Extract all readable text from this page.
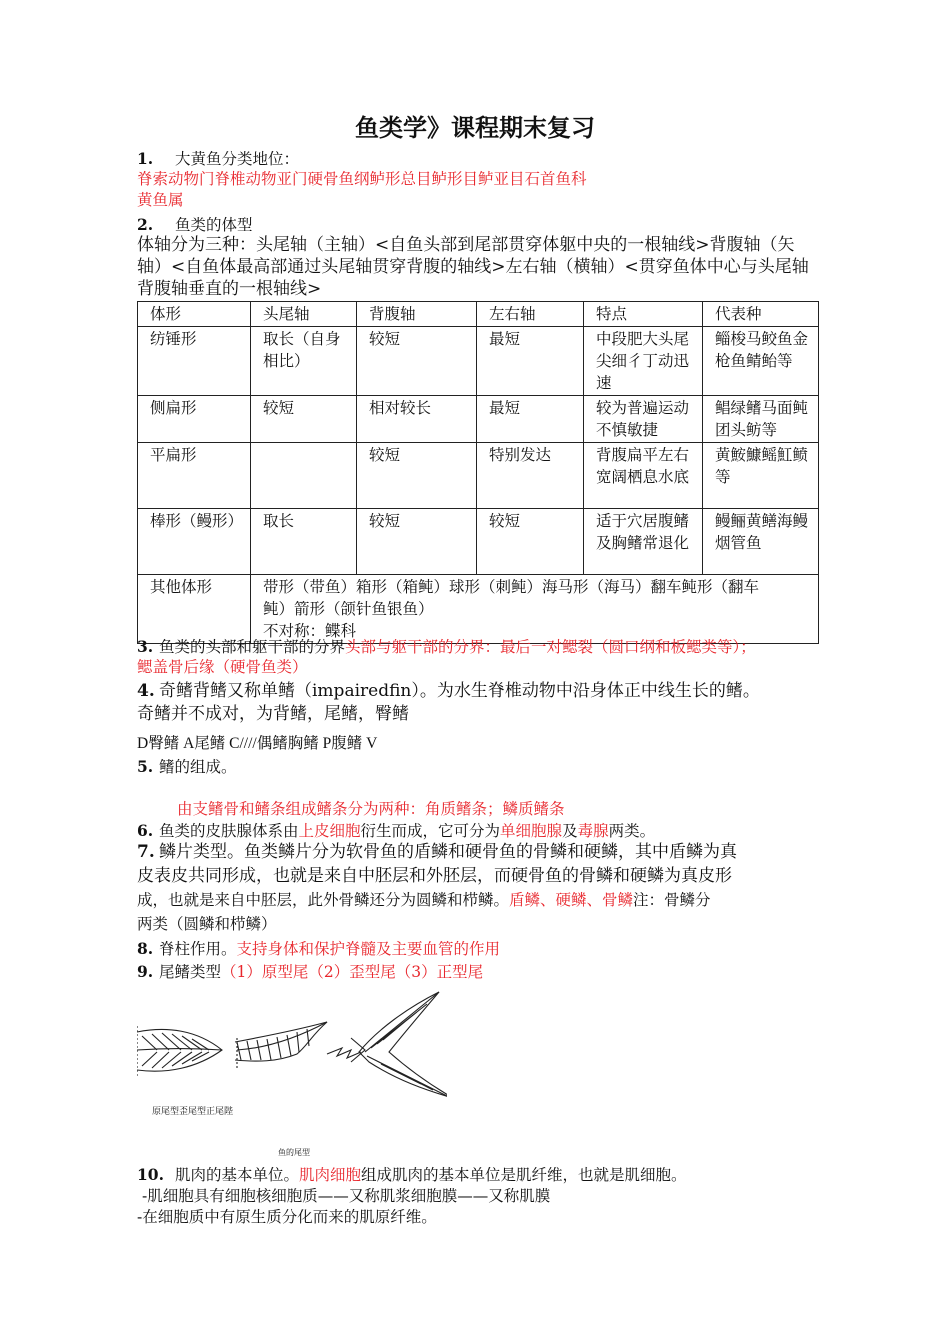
鱼类学》课程期末复习
1. 大黄鱼分类地位：
脊索动物门脊椎动物亚门硬骨鱼纲鲈形总目鲈形目鲈亚目石首鱼科
黄鱼属
2. 鱼类的体型
体轴分为三种：头尾轴（主轴）<自鱼头部到尾部贯穿体躯中央的一根轴线>背腹轴（矢
轴）<自鱼体最高部通过头尾轴贯穿背腹的轴线>左右轴（横轴）<贯穿鱼体中心与头尾轴
背腹轴垂直的一根轴线>
体形	头尾轴	背腹轴	左右轴	特点	代表种
纺锤形	取长（自身相比）	较短	最短	中段肥大头尾尖细彳丁动迅速	鲻梭马鲛鱼金枪鱼鲭鲐等
侧扁形	较短	相对较长	最短	较为普遍运动不慎敏捷	鲳绿鳍马面鲀团头鲂等
平扁形		较短	特别发达	背腹扁平左右宽阔栖息水底	黄鮟鱇鳐魟鲼等
棒形（鳗形）	取长	较短	较短	适于穴居腹鳍及胸鳍常退化	鳗鲡黄鳝海鳗烟管鱼
其他体形	带形（带鱼）箱形（箱鲀）球形（刺鲀）海马形（海马）翻车鲀形（翻车
鲀）箭形（颌针鱼银鱼）
不对称：鲽科				
3. 鱼类的头部和躯干部的分界头部与躯干部的分界：最后一对鳃裂（圆口纲和板鳃类等）；
鳃盖骨后缘（硬骨鱼类）
4. 奇鳍背鳍又称单鳍（impairedfin）。为水生脊椎动物中沿身体正中线生长的鳍。
奇鳍并不成对，为背鳍，尾鳍，臀鳍
D臀鳍 A尾鳍 C////偶鳍胸鳍 P腹鳍 V
5. 鳍的组成。
由支鳍骨和鳍条组成鳍条分为两种：角质鳍条；鳞质鳍条
6. 鱼类的皮肤腺体系由上皮细胞衍生而成，它可分为单细胞腺及毒腺两类。
7. 鳞片类型。鱼类鳞片分为软骨鱼的盾鳞和硬骨鱼的骨鳞和硬鳞，其中盾鳞为真
皮表皮共同形成，也就是来自中胚层和外胚层，而硬骨鱼的骨鳞和硬鳞为真皮形
成，也就是来自中胚层，此外骨鳞还分为圆鳞和栉鳞。盾鳞、硬鳞、骨鳞注：骨鳞分
两类（圆鳞和栉鳞）
8. 脊柱作用。支持身体和保护脊髓及主要血管的作用
9. 尾鳍类型（1）原型尾（2）歪型尾（3）正型尾
原尾型歪尾型正尾陛
鱼的尾型
10. 肌肉的基本单位。肌肉细胞组成肌肉的基本单位是肌纤维，也就是肌细胞。
-肌细胞具有细胞核细胞质——又称肌浆细胞膜——又称肌膜
-在细胞质中有原生质分化而来的肌原纤维。
